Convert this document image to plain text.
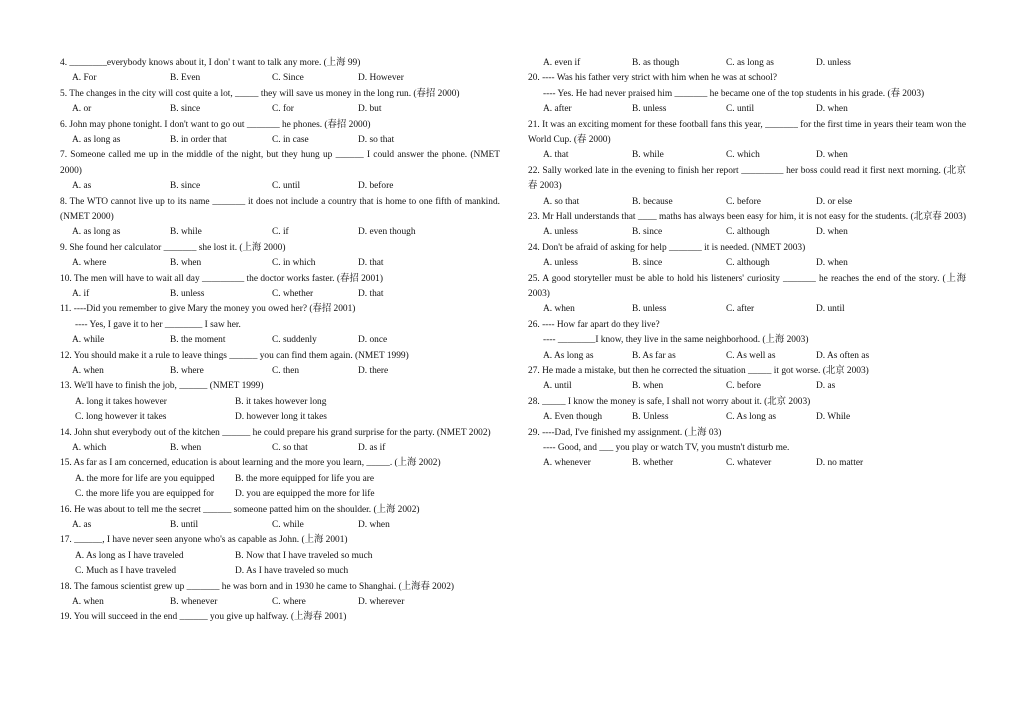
4. ________everybody knows about it, I don' t want to talk any more. (上海 99)
A. For	B. Even	C. Since	D. However
5. The changes in the city will cost quite a lot, _____ they will save us money in the long run. (春招 2000)
A. or	B. since	C. for	D. but
6. John may phone tonight. I don't want to go out _______ he phones. (春招 2000)
A. as long as	B. in order that	C. in case	D. so that
7. Someone called me up in the middle of the night, but they hung up ______ I could answer the phone. (NMET 2000)
A. as	B. since	C. until	D. before
8. The WTO cannot live up to its name _______ it does not include a country that is home to one fifth of mankind. (NMET 2000)
A. as long as	B. while	C. if	D. even though
9. She found her calculator _______ she lost it. (上海 2000)
A. where	B. when	C. in which	D. that
10. The men will have to wait all day _________ the doctor works faster. (春招 2001)
A. if	B. unless	C. whether	D. that
11. ----Did you remember to give Mary the money you owed her? (春招 2001)
---- Yes, I gave it to her ________ I saw her.
A. while	B. the moment	C. suddenly	D. once
12. You should make it a rule to leave things ______ you can find them again. (NMET 1999)
A. when	B. where	C. then	D. there
13. We'll have to finish the job, ______ (NMET 1999)
A. long it takes however	B. it takes however long
C. long however it takes	D. however long it takes
14. John shut everybody out of the kitchen ______ he could prepare his grand surprise for the party. (NMET 2002)
A. which	B. when	C. so that	D. as if
15. As far as I am concerned, education is about learning and the more you learn, _____. (上海 2002)
A. the more for life are you equipped B. the more equipped for life you are
C. the more life you are equipped for D. you are equipped the more for life
16. He was about to tell me the secret ______ someone patted him on the shoulder. (上海 2002)
A. as	B. until	C. while	D. when
17. ______, I have never seen anyone who's as capable as John. (上海 2001)
A. As long as I have traveled	B. Now that I have traveled so much
C. Much as I have traveled	D. As I have traveled so much
18. The famous scientist grew up _______ he was born and in 1930 he came to Shanghai. (上海春 2002)
A. when	B. whenever	C. where	D. wherever
19. You will succeed in the end ______ you give up halfway. (上海春 2001)
A. even if	B. as though	C. as long as	D. unless
20. ---- Was his father very strict with him when he was at school?
---- Yes. He had never praised him _______ he became one of the top students in his grade. (春 2003)
A. after	B. unless	C. until	D. when
21. It was an exciting moment for these football fans this year, _______ for the first time in years their team won the World Cup. (春 2000)
A. that	B. while	C. which	D. when
22. Sally worked late in the evening to finish her report _________ her boss could read it first next morning. (北京春 2003)
A. so that	B. because	C. before	D. or else
23. Mr Hall understands that ____ maths has always been easy for him, it is not easy for the students. (北京春 2003)
A. unless	B. since	C. although	D. when
24. Don't be afraid of asking for help _______ it is needed. (NMET 2003)
A. unless	B. since	C. although	D. when
25. A good storyteller must be able to hold his listeners' curiosity _______ he reaches the end of the story. (上海 2003)
A. when	B. unless	C. after	D. until
26. ---- How far apart do they live?
---- ________I know, they live in the same neighborhood. (上海 2003)
A. As long as	B. As far as	C. As well as	D. As often as
27. He made a mistake, but then he corrected the situation _____ it got worse. (北京 2003)
A. until	B. when	C. before	D. as
28. _____ I know the money is safe, I shall not worry about it. (北京 2003)
A. Even though	B. Unless	C. As long as	D. While
29. ----Dad, I've finished my assignment. (上海 03)
---- Good, and ___ you play or watch TV, you mustn't disturb me.
A. whenever	B. whether	C. whatever	D. no matter
